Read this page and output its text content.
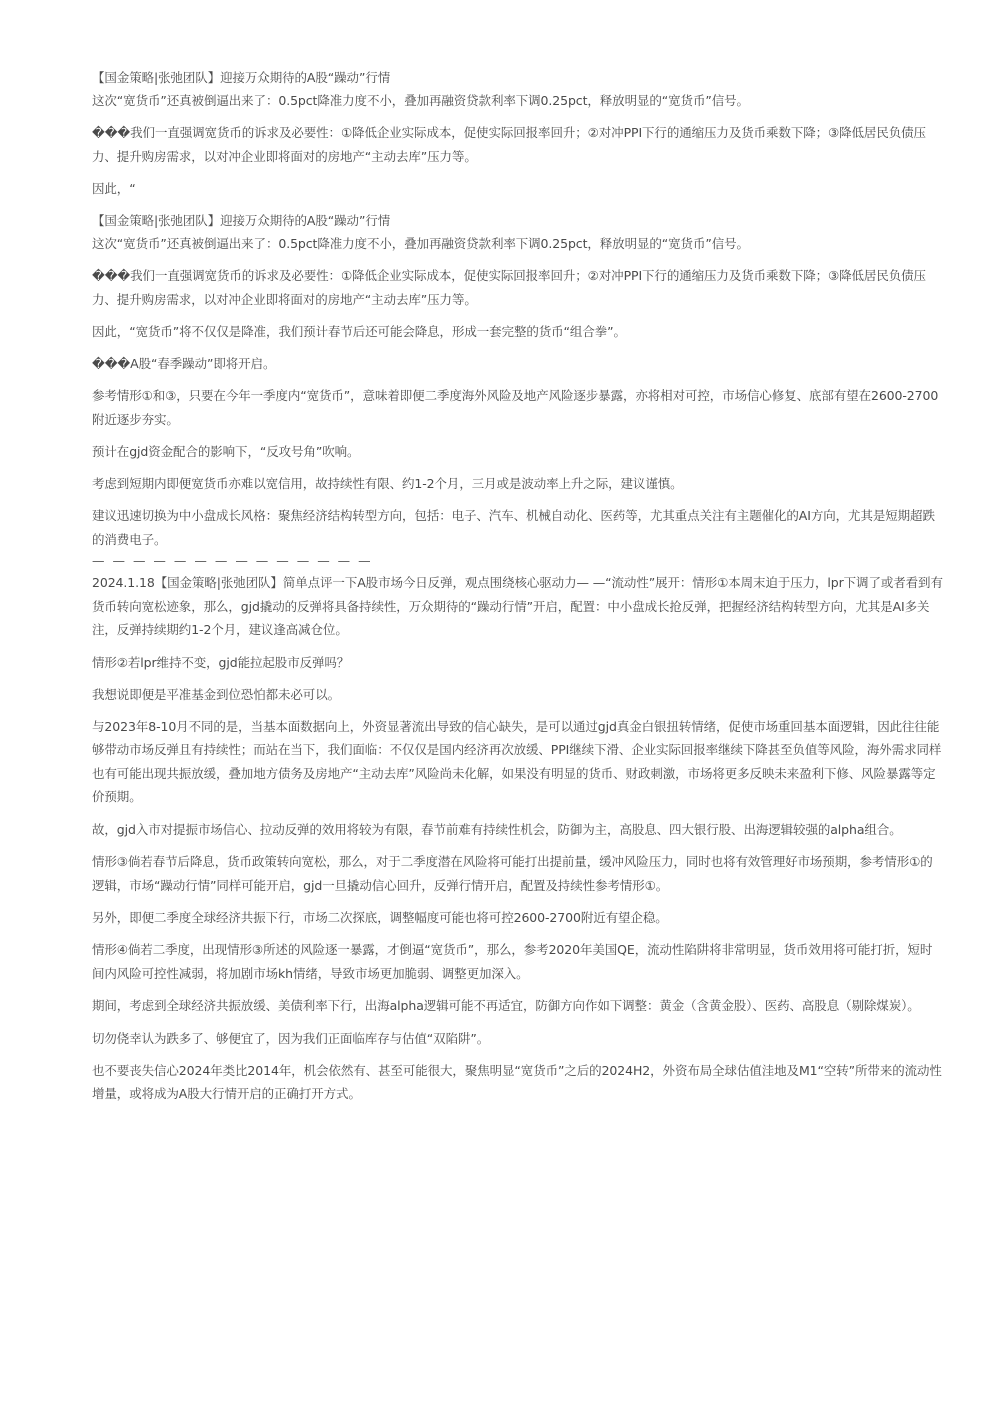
【国金策略|张弛团队】迎接万众期待的A股“躁动”行情
这次“宽货币”还真被倒逼出来了：0.5pct降准力度不小，叠加再融资贷款利率下调0.25pct，释放明显的“宽货币”信号。
���我们一直强调宽货币的诉求及必要性：①降低企业实际成本，促使实际回报率回升；②对冲PPI下行的通缩压力及货币乘数下降；③降低居民负债压力、提升购房需求，以对冲企业即将面对的房地产“主动去库”压力等。
因此，“
【国金策略|张弛团队】迎接万众期待的A股“躁动”行情
这次“宽货币”还真被倒逼出来了：0.5pct降准力度不小，叠加再融资贷款利率下调0.25pct，释放明显的“宽货币”信号。
���我们一直强调宽货币的诉求及必要性：①降低企业实际成本，促使实际回报率回升；②对冲PPI下行的通缩压力及货币乘数下降；③降低居民负债压力、提升购房需求，以对冲企业即将面对的房地产“主动去库”压力等。
因此，“宽货币”将不仅仅是降准，我们预计春节后还可能会降息，形成一套完整的货币“组合拳”。
���A股“春季躁动”即将开启。
参考情形①和③，只要在今年一季度内“宽货币”，意味着即便二季度海外风险及地产风险逐步暴露，亦将相对可控，市场信心修复、底部有望在2600-2700附近逐步夯实。
预计在gjd资金配合的影响下，“反攻号角”吹响。
考虑到短期内即便宽货币亦难以宽信用，故持续性有限、约1-2个月，三月或是波动率上升之际，建议谨慎。
建议迅速切换为中小盘成长风格：聚焦经济结构转型方向，包括：电子、汽车、机械自动化、医药等，尤其重点关注有主题催化的AI方向，尤其是短期超跌的消费电子。
— — — — — — — — — — — — — —
2024.1.18【国金策略|张弛团队】简单点评一下A股市场今日反弹，观点围绕核心驱动力— —“流动性”展开：情形①本周末迫于压力，lpr下调了或者看到有货币转向宽松迹象，那么，gjd撬动的反弹将具备持续性，万众期待的“躁动行情”开启，配置：中小盘成长抢反弹，把握经济结构转型方向，尤其是AI多关注，反弹持续期约1-2个月，建议逢高减仓位。
情形②若lpr维持不变，gjd能拉起股市反弹吗？
我想说即便是平准基金到位恐怕都未必可以。
与2023年8-10月不同的是，当基本面数据向上，外资显著流出导致的信心缺失，是可以通过gjd真金白银扭转情绪，促使市场重回基本面逻辑，因此往往能够带动市场反弹且有持续性；而站在当下，我们面临：不仅仅是国内经济再次放缓、PPI继续下滑、企业实际回报率继续下降甚至负值等风险，海外需求同样也有可能出现共振放缓，叠加地方债务及房地产“主动去库”风险尚未化解，如果没有明显的货币、财政刺激，市场将更多反映未来盈利下修、风险暴露等定价预期。
故，gjd入市对提振市场信心、拉动反弹的效用将较为有限，春节前难有持续性机会，防御为主，高股息、四大银行股、出海逻辑较强的alpha组合。
情形③倘若春节后降息，货币政策转向宽松，那么，对于二季度潜在风险将可能打出提前量，缓冲风险压力，同时也将有效管理好市场预期，参考情形①的逻辑，市场“躁动行情”同样可能开启，gjd一旦撬动信心回升，反弹行情开启，配置及持续性参考情形①。
另外，即便二季度全球经济共振下行，市场二次探底，调整幅度可能也将可控2600-2700附近有望企稳。
情形④倘若二季度，出现情形③所述的风险逐一暴露，才倒逼“宽货币”，那么，参考2020年美国QE，流动性陷阱将非常明显，货币效用将可能打折，短时间内风险可控性减弱，将加剧市场kh情绪，导致市场更加脆弱、调整更加深入。
期间，考虑到全球经济共振放缓、美债利率下行，出海alpha逻辑可能不再适宜，防御方向作如下调整：黄金（含黄金股）、医药、高股息（剔除煤炭）。
切勿侥幸认为跌多了、够便宜了，因为我们正面临库存与估值“双陷阱”。
也不要丧失信心2024年类比2014年，机会依然有、甚至可能很大，聚焦明显“宽货币”之后的2024H2，外资布局全球估值洼地及M1“空转”所带来的流动性增量，或将成为A股大行情开启的正确打开方式。
